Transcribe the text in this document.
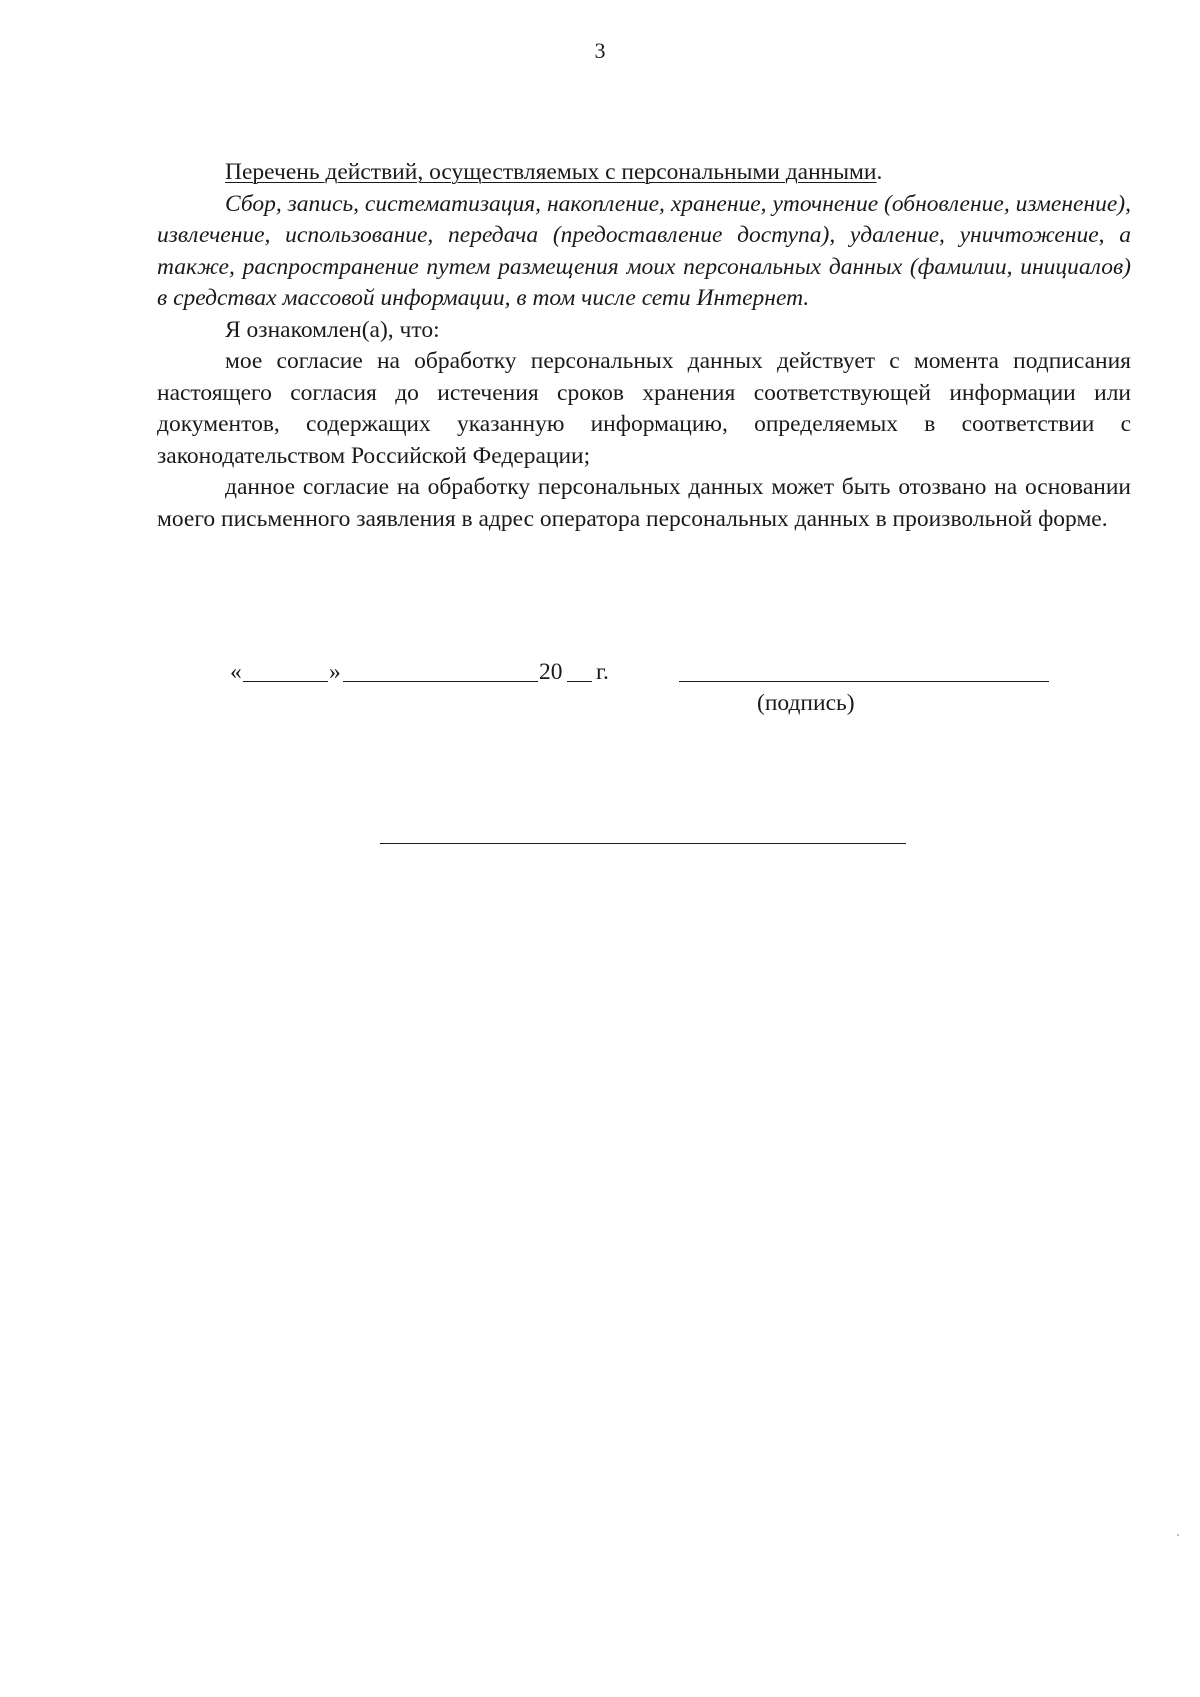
3

Перечень действий, осуществляемых с персональными данными.

Сбор, запись, систематизация, накопление, хранение, уточнение (обновление, изменение), извлечение, использование, передача (предоставление доступа), удаление, уничтожение, а также, распространение путем размещения моих персональных данных (фамилии, инициалов) в средствах массовой информации, в том числе сети Интернет.

Я ознакомлен(а), что:

мое согласие на обработку персональных данных действует с момента подписания настоящего согласия до истечения сроков хранения соответствующей информации или документов, содержащих указанную информацию, определяемых в соответствии с законодательством Российской Федерации;

данное согласие на обработку персональных данных может быть отозвано на основании моего письменного заявления в адрес оператора персональных данных в произвольной форме.

«	»	20 г.
(подпись)
